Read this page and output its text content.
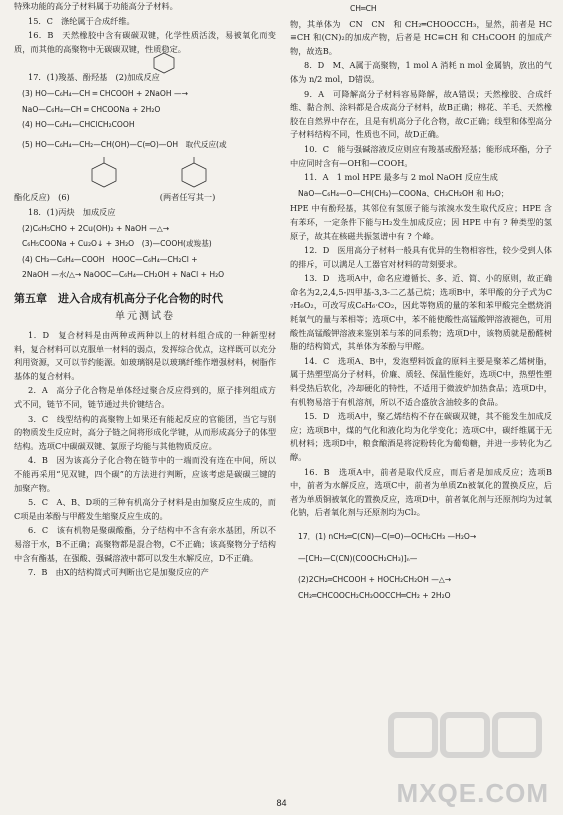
特殊功能的高分子材料属于功能高分子材料。

15．C　涤纶属于合成纤维。

16．B　天然橡胶中含有碳碳双键，化学性质活泼，易被氧化而变质，而其他的高聚物中无碳碳双键，性质稳定。

17．(1)羧基、酚羟基　(2)加成反应

(3) HO—C₆H₄—CH ═ CHCOOH + 2NaOH —→
NaO—C₆H₄—CH ═ CHCOONa + 2H₂O
(4) HO—C₆H₄—CHClCH₂COOH
(5) HO—C₆H₄—CH₂—CH(OH)—C(═O)—OH　取代反应(或

酯化反应)　(6)　　　　　　　　　　　(两者任写其一)

18．(1)丙炔　加成反应

(2)C₆H₅CHO + 2Cu(OH)₂ + NaOH —△→
C₆H₅COONa + Cu₂O↓ + 3H₂O　(3)—COOH(或羧基)
(4) CH₃—C₆H₄—COOH　HOOC—C₆H₄—CH₂Cl +
2NaOH —水/△→ NaOOC—C₆H₄—CH₂OH + NaCl + H₂O
第五章　进入合成有机高分子化合物的时代
单元测试卷

1．D　复合材料是由两种或两种以上的材料组合成的一种新型材料，复合材料可以克服单一材料的弱点，发挥综合优点，这样既可以充分利用资源，又可以节约能源。如玻璃钢是以玻璃纤维作增强材料，树脂作基体的复合材料。

2．A　高分子化合物是单体经过聚合反应得到的，原子排列组成方式不同，链节不同，链节通过共价键结合。

3．C　线型结构的高聚物上如果还有能起反应的官能团，当它与别的物质发生反应时，高分子链之间将形成化学键，从而形成高分子的体型结构。选项C中碳碳双键、氯原子均能与其他物质反应。

4．B　因为该高分子化合物在链节中的一端而没有连在中间，所以不能再采用“见双键，四个碳”的方法进行判断，应该考虑是碳碳三键的加聚产物。

5．C　A、B、D项的三种有机高分子材料是由加聚反应生成的，而C项是由苯酚与甲醛发生缩聚反应生成的。

6．C　该有机物是聚碳酸酯，分子结构中不含有亲水基团，所以不易溶于水，B不正确；高聚物都是混合物，C不正确；该高聚物分子结构中含有酯基，在强酸、强碱溶液中都可以发生水解反应，D不正确。

7．B　由X的结构简式可判断出它是加聚反应的产

CH═CH

物，其单体为　CN　CN　和 CH₂═CHOOCCH₃，显然，前者是 HC≡CH 和(CN)₂的加成产物，后者是 HC≡CH 和 CH₃COOH 的加成产物，故选B。

8．D　M、A属于高聚物，1 mol A 消耗 n mol 金属钠，放出的气体为 n/2 mol，D错误。

9．A　可降解高分子材料容易降解，故A错误；天然橡胶、合成纤维、黏合剂、涂料都是合成高分子材料，故B正确；棉花、羊毛、天然橡胶在自然界中存在，且是有机高分子化合物，故C正确；线型和体型高分子材料结构不同，性质也不同，故D正确。

10．C　能与强碱溶液反应则应有羧基或酚羟基；能形成环酯，分子中应同时含有—OH和—COOH。

11．A　1 mol HPE 最多与 2 mol NaOH 反应生成

NaO—C₆H₄—O—CH(CH₃)—COONa、CH₃CH₂OH 和 H₂O；

HPE 中有酚羟基，其邻位有氢原子能与浓溴水发生取代反应；HPE 含有苯环，一定条件下能与H₂发生加成反应；因 HPE 中有 ? 种类型的氢原子，故其在核磁共振氢谱中有 ? 个峰。

12．D　医用高分子材料一般具有优异的生物相容性，较少受到人体的排斥，可以满足人工器官对材料的苛刻要求。

13．D　选项A中，命名应遵循长、多、近、简、小的原则，故正确命名为2,2,4,5-四甲基-3,3-二乙基己烷；选项B中，苯甲酸的分子式为C₇H₆O₂，可改写成C₆H₆·CO₂，因此等物质的量的苯和苯甲酸完全燃烧消耗氧气的量与苯相等；选项C中，苯不能使酸性高锰酸钾溶液褪色，可用酸性高锰酸钾溶液来鉴别苯与苯的同系物；选项D中，该物质就是酚醛树脂的结构简式，其单体为苯酚与甲醛。

14．C　选项A、B中，发泡塑料饭盒的原料主要是聚苯乙烯树脂，属于热塑型高分子材料，价廉、质轻、保温性能好，选项C中，热塑性塑料受热后软化，冷却硬化的特性，不适用于微波炉加热食品；选项D中，有机物易溶于有机溶剂，所以不适合盛放含油较多的食品。

15．D　选项A中，聚乙烯结构不存在碳碳双键，其不能发生加成反应；选项B中，煤的气化和液化均为化学变化；选项C中，碳纤维属于无机材料；选项D中，粮食酿酒是将淀粉转化为葡萄糖，并进一步转化为乙醇。

16．B　选项A中，前者是取代反应，而后者是加成反应；选项B中，前者为水解反应，选项C中，前者为单质Zn被氧化的置换反应，后者为单质铜被氧化的置换反应，选项D中，前者氧化剂与还原剂均为过氧化钠，后者氧化剂与还原剂均为Cl₂。

17．(1) nCH₂═C(CN)—C(═O)—OCH₂CH₃ —H₂O→
—[CH₂—C(CN)(COOCH₂CH₃)]ₙ—
(2)2CH₂═CHCOOH + HOCH₂CH₂OH —△→
CH₂═CHCOOCH₂CH₂OOCCH═CH₂ + 2H₂O
84	MXQE.COM
